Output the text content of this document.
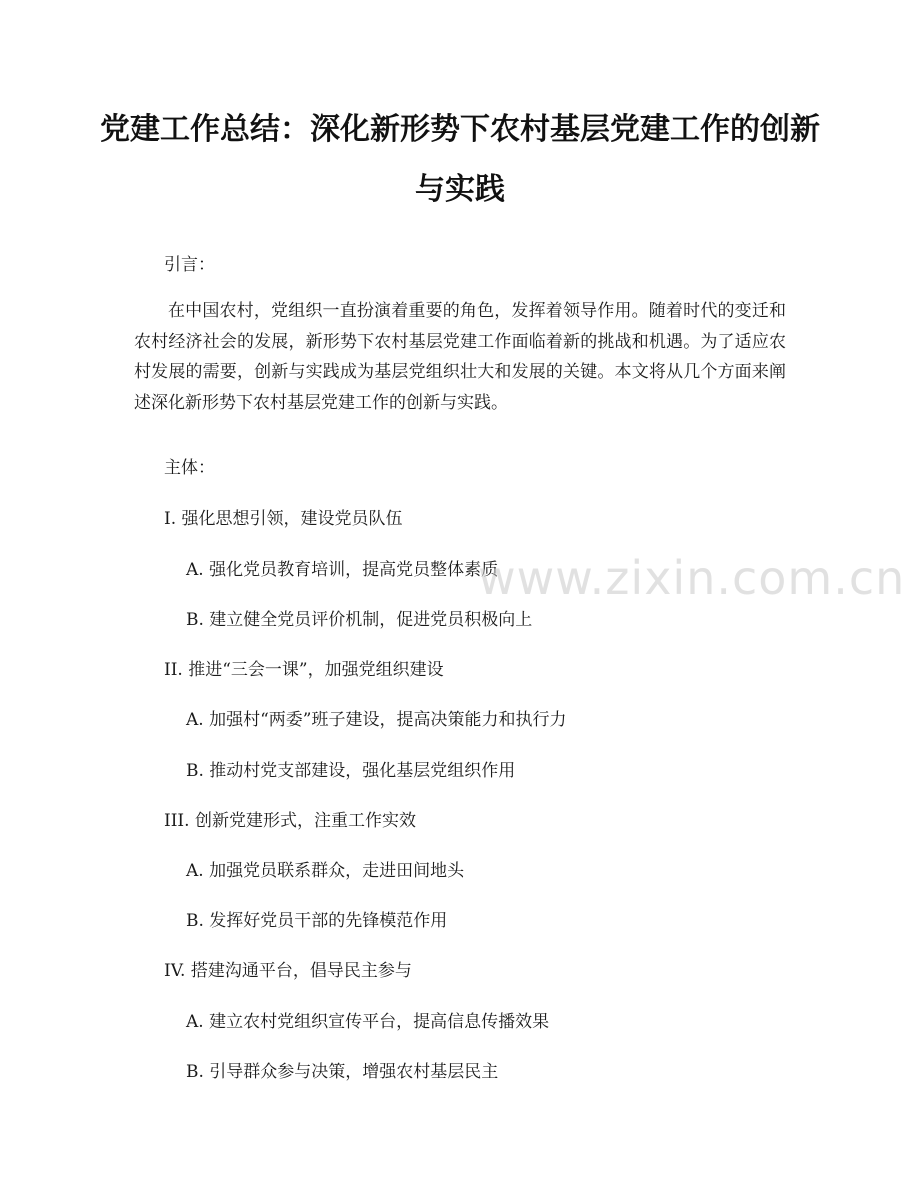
党建工作总结：深化新形势下农村基层党建工作的创新与实践

引言：

在中国农村，党组织一直扮演着重要的角色，发挥着领导作用。随着时代的变迁和农村经济社会的发展，新形势下农村基层党建工作面临着新的挑战和机遇。为了适应农村发展的需要，创新与实践成为基层党组织壮大和发展的关键。本文将从几个方面来阐述深化新形势下农村基层党建工作的创新与实践。

主体：

I. 强化思想引领，建设党员队伍

A. 强化党员教育培训，提高党员整体素质

B. 建立健全党员评价机制，促进党员积极向上

II. 推进“三会一课”，加强党组织建设

A. 加强村“两委”班子建设，提高决策能力和执行力

B. 推动村党支部建设，强化基层党组织作用

III. 创新党建形式，注重工作实效

A. 加强党员联系群众，走进田间地头

B. 发挥好党员干部的先锋模范作用

IV. 搭建沟通平台，倡导民主参与

A. 建立农村党组织宣传平台，提高信息传播效果

B. 引导群众参与决策，增强农村基层民主

www.zixin.com.cn
